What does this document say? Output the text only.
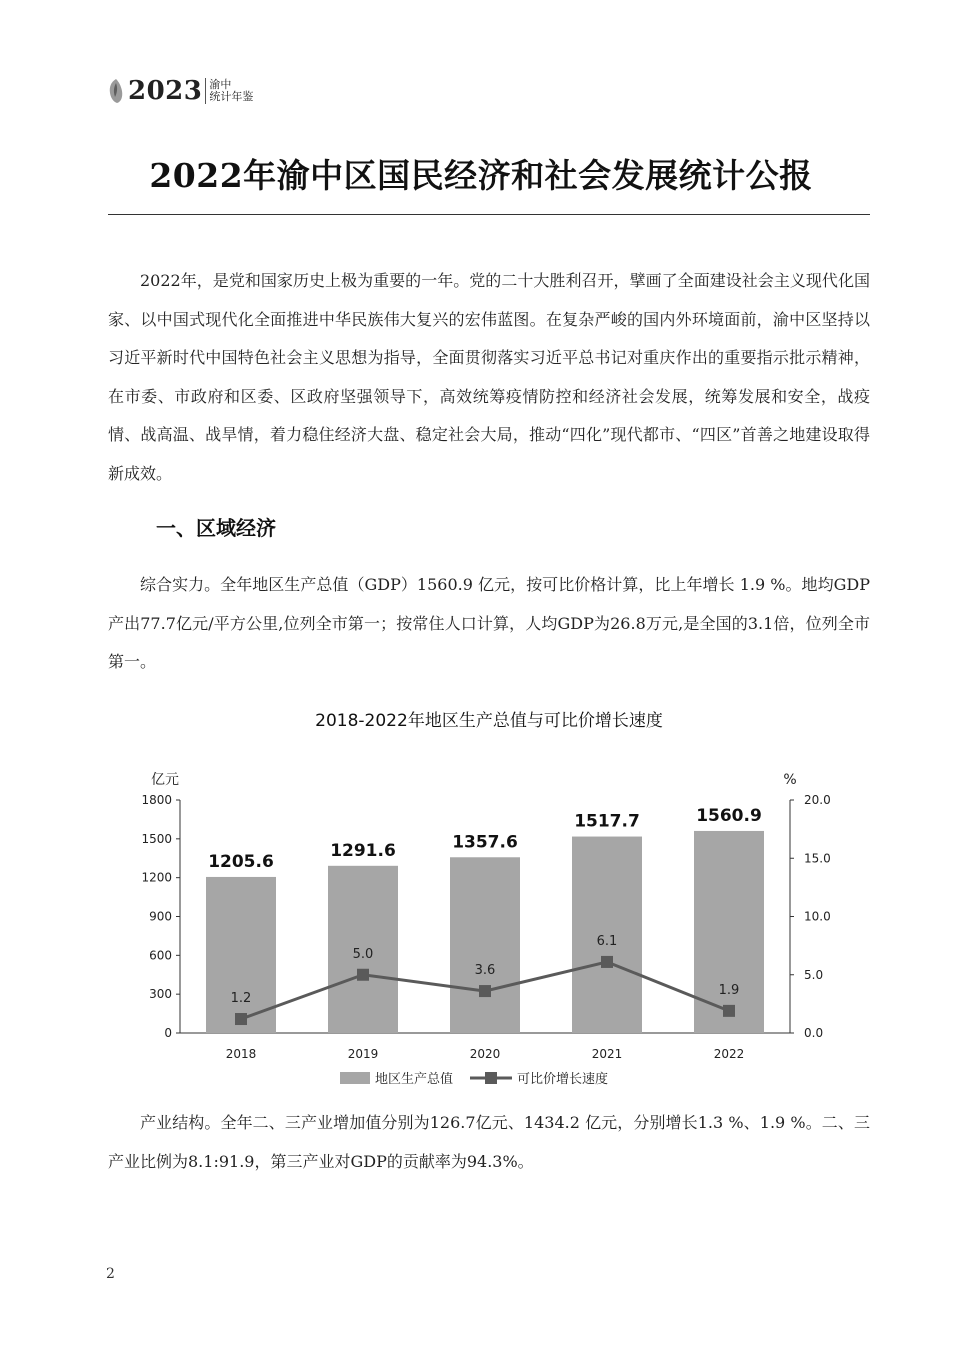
2023 渝中
统计年鉴
2022年渝中区国民经济和社会发展统计公报

2022年，是党和国家历史上极为重要的一年。党的二十大胜利召开，擘画了全面建设社会主义现代化国家、以中国式现代化全面推进中华民族伟大复兴的宏伟蓝图。在复杂严峻的国内外环境面前，渝中区坚持以习近平新时代中国特色社会主义思想为指导，全面贯彻落实习近平总书记对重庆作出的重要指示批示精神，在市委、市政府和区委、区政府坚强领导下，高效统筹疫情防控和经济社会发展，统筹发展和安全，战疫情、战高温、战旱情，着力稳住经济大盘、稳定社会大局，推动“四化”现代都市、“四区”首善之地建设取得新成效。

一、区域经济

综合实力。全年地区生产总值（GDP）1560.9 亿元，按可比价格计算，比上年增长 1.9 %。地均GDP产出77.7亿元/平方公里,位列全市第一；按常住人口计算，人均GDP为26.8万元,是全国的3.1倍，位列全市第一。

2018-2022年地区生产总值与可比价增长速度
0
300
600
900
1200
1500
1800
0.0
5.0
10.0
15.0
20.0
亿元	%
1205.6
1291.6	1357.6
1517.7	1560.9
2018	2019	2020	2021	2022
1.2
5.0
3.6
6.1
1.9
地区生产总值	可比价增长速度

产业结构。全年二、三产业增加值分别为126.7亿元、1434.2 亿元，分别增长1.3 %、1.9 %。二、三产业比例为8.1:91.9，第三产业对GDP的贡献率为94.3%。

2
